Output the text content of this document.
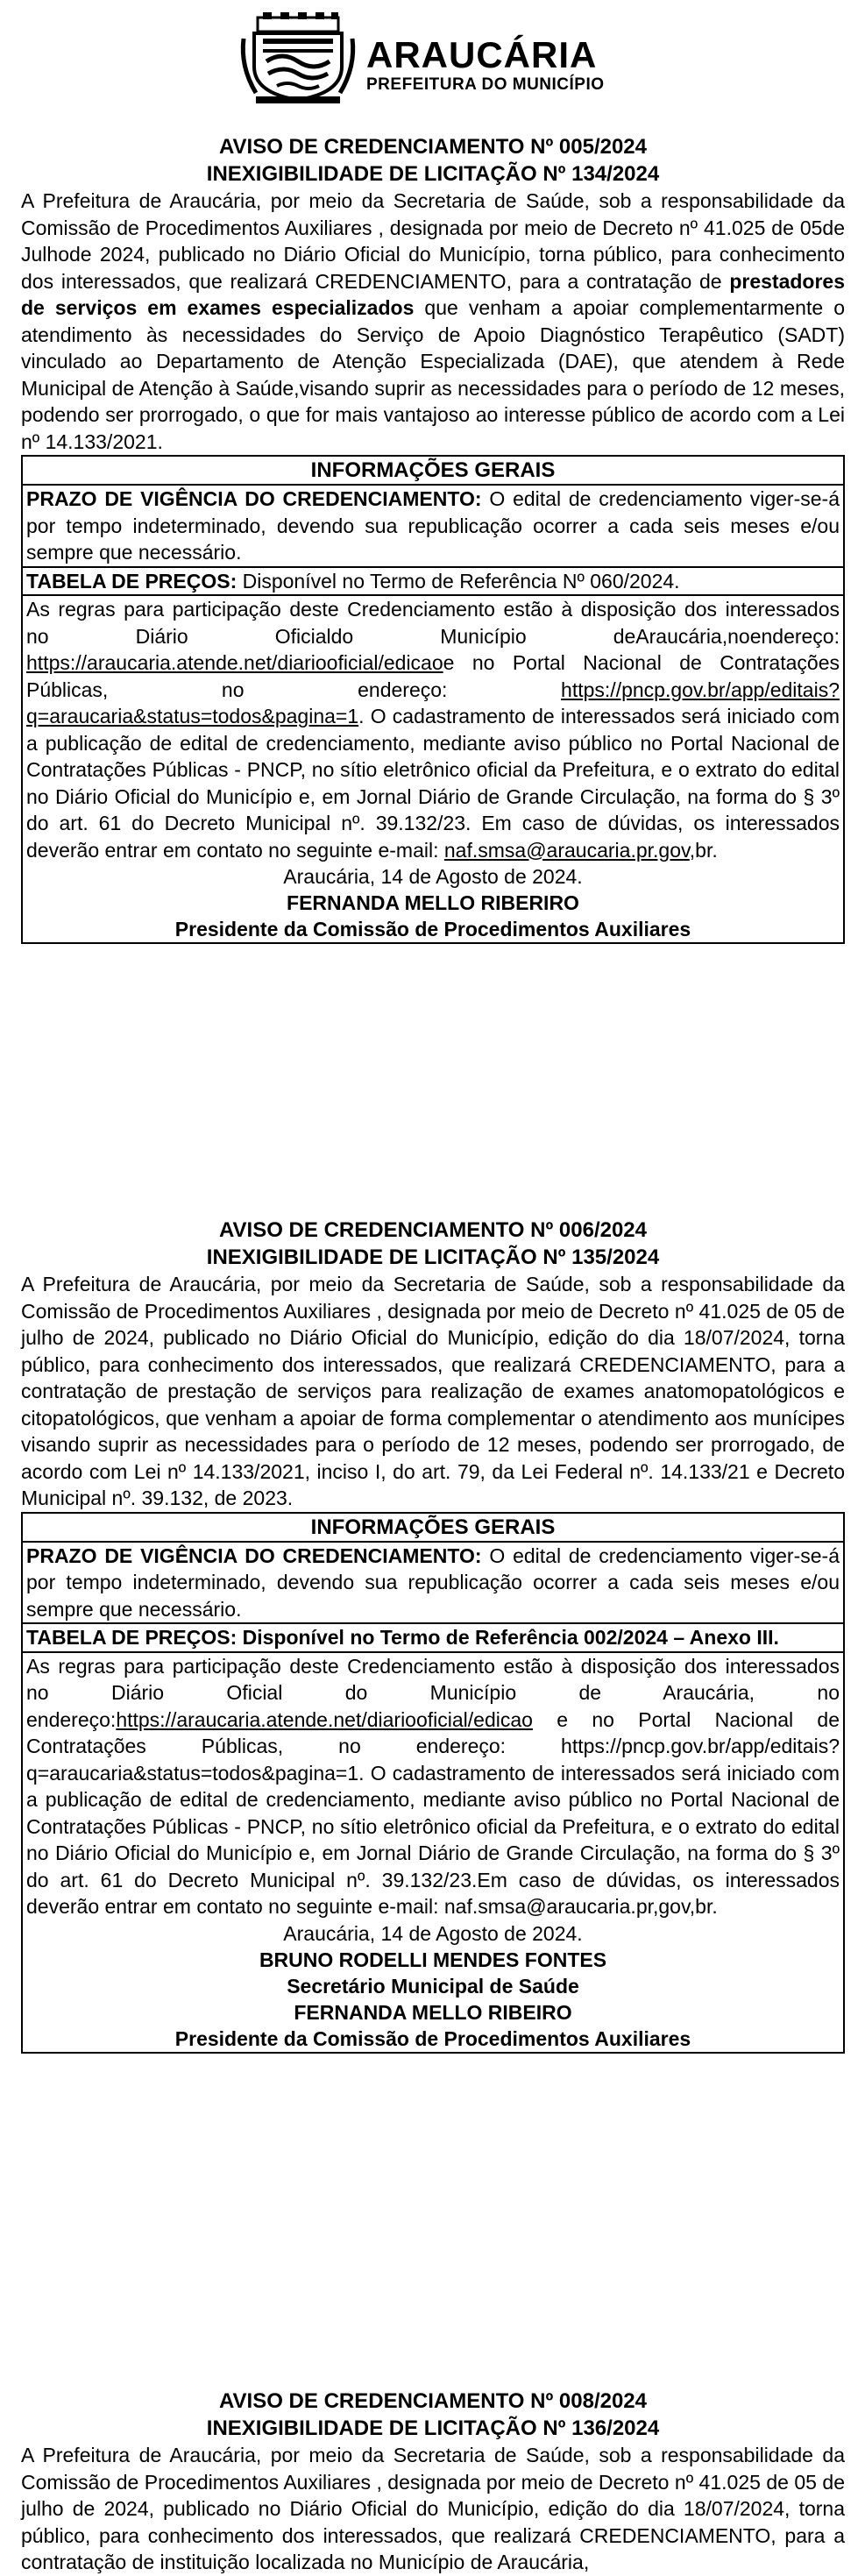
ARAUCÁRIA
PREFEITURA DO MUNICÍPIO
AVISO DE CREDENCIAMENTO Nº 005/2024
INEXIGIBILIDADE DE LICITAÇÃO Nº 134/2024

A Prefeitura de Araucária, por meio da Secretaria de Saúde, sob a responsabilidade da Comissão de Procedimentos Auxiliares , designada por meio de Decreto nº 41.025 de 05de Julhode 2024, publicado no Diário Oficial do Município, torna público, para conhecimento dos interessados, que realizará CREDENCIAMENTO, para a contratação de prestadores de serviços em exames especializados que venham a apoiar complementarmente o atendimento às necessidades do Serviço de Apoio Diagnóstico Terapêutico (SADT) vinculado ao Departamento de Atenção Especializada (DAE), que atendem à Rede Municipal de Atenção à Saúde,visando suprir as necessidades para o período de 12 meses, podendo ser prorrogado, o que for mais vantajoso ao interesse público de acordo com a Lei nº 14.133/2021.

INFORMAÇÕES GERAIS

PRAZO DE VIGÊNCIA DO CREDENCIAMENTO: O edital de credenciamento viger-se-á por tempo indeterminado, devendo sua republicação ocorrer a cada seis meses e/ou sempre que necessário.

TABELA DE PREÇOS: Disponível no Termo de Referência Nº 060/2024.

As regras para participação deste Credenciamento estão à disposição dos interessados no Diário Oficialdo Município deAraucária,noendereço: https://araucaria.atende.net/diariooficial/edicaoe no Portal Nacional de Contratações Públicas, no endereço: https://pncp.gov.br/app/editais?q=araucaria&status=todos&pagina=1. O cadastramento de interessados será iniciado com a publicação de edital de credenciamento, mediante aviso público no Portal Nacional de Contratações Públicas - PNCP, no sítio eletrônico oficial da Prefeitura, e o extrato do edital no Diário Oficial do Município e, em Jornal Diário de Grande Circulação, na forma do § 3º do art. 61 do Decreto Municipal nº. 39.132/23. Em caso de dúvidas, os interessados deverão entrar em contato no seguinte e-mail: naf.smsa@araucaria.pr.gov,br.

Araucária, 14 de Agosto de 2024.
FERNANDA MELLO RIBERIRO
Presidente da Comissão de Procedimentos Auxiliares
AVISO DE CREDENCIAMENTO Nº 006/2024
INEXIGIBILIDADE DE LICITAÇÃO Nº 135/2024

A Prefeitura de Araucária, por meio da Secretaria de Saúde, sob a responsabilidade da Comissão de Procedimentos Auxiliares , designada por meio de Decreto nº 41.025 de 05 de julho de 2024, publicado no Diário Oficial do Município, edição do dia 18/07/2024, torna público, para conhecimento dos interessados, que realizará CREDENCIAMENTO, para a contratação de prestação de serviços para realização de exames anatomopatológicos e citopatológicos, que venham a apoiar de forma complementar o atendimento aos munícipes visando suprir as necessidades para o período de 12 meses, podendo ser prorrogado, de acordo com Lei nº 14.133/2021, inciso I, do art. 79, da Lei Federal nº. 14.133/21 e Decreto Municipal nº. 39.132, de 2023.

INFORMAÇÕES GERAIS

PRAZO DE VIGÊNCIA DO CREDENCIAMENTO: O edital de credenciamento viger-se-á por tempo indeterminado, devendo sua republicação ocorrer a cada seis meses e/ou sempre que necessário.

TABELA DE PREÇOS: Disponível no Termo de Referência 002/2024 – Anexo III.

As regras para participação deste Credenciamento estão à disposição dos interessados no Diário Oficial do Município de Araucária, no endereço:https://araucaria.atende.net/diariooficial/edicao e no Portal Nacional de Contratações Públicas, no endereço: https://pncp.gov.br/app/editais?q=araucaria&status=todos&pagina=1. O cadastramento de interessados será iniciado com a publicação de edital de credenciamento, mediante aviso público no Portal Nacional de Contratações Públicas - PNCP, no sítio eletrônico oficial da Prefeitura, e o extrato do edital no Diário Oficial do Município e, em Jornal Diário de Grande Circulação, na forma do § 3º do art. 61 do Decreto Municipal nº. 39.132/23.Em caso de dúvidas, os interessados deverão entrar em contato no seguinte e-mail: naf.smsa@araucaria.pr,gov,br.

Araucária, 14 de Agosto de 2024.
BRUNO RODELLI MENDES FONTES
Secretário Municipal de Saúde
FERNANDA MELLO RIBEIRO
Presidente da Comissão de Procedimentos Auxiliares
AVISO DE CREDENCIAMENTO Nº 008/2024
INEXIGIBILIDADE DE LICITAÇÃO Nº 136/2024

A Prefeitura de Araucária, por meio da Secretaria de Saúde, sob a responsabilidade da Comissão de Procedimentos Auxiliares , designada por meio de Decreto nº 41.025 de 05 de julho de 2024, publicado no Diário Oficial do Município, edição do dia 18/07/2024, torna público, para conhecimento dos interessados, que realizará CREDENCIAMENTO, para a contratação de instituição localizada no Município de Araucária,
